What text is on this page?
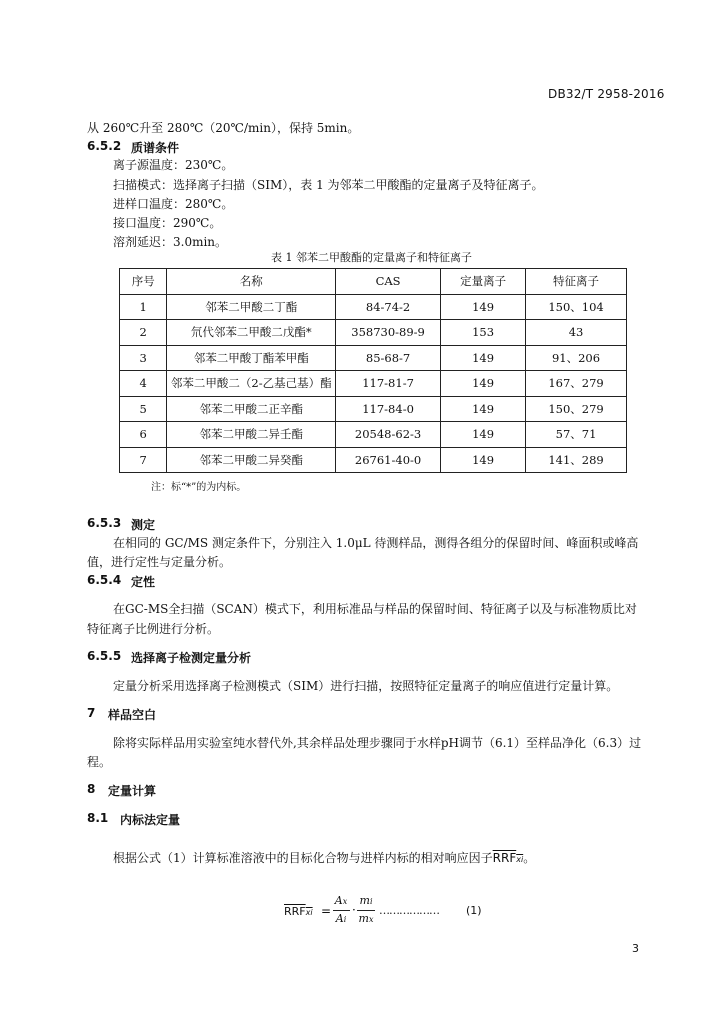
DB32/T 2958-2016
从 260℃升至 280℃（20℃/min），保持 5min。
6.5.2 质谱条件
离子源温度：230℃。
扫描模式：选择离子扫描（SIM），表 1 为邻苯二甲酸酯的定量离子及特征离子。
进样口温度：280℃。
接口温度：290℃。
溶剂延迟：3.0min。
表 1 邻苯二甲酸酯的定量离子和特征离子
序号	名称	CAS	定量离子	特征离子
1	邻苯二甲酸二丁酯	84-74-2	149	150、104
2	氘代邻苯二甲酸二戊酯*	358730-89-9	153	43
3	邻苯二甲酸丁酯苯甲酯	85-68-7	149	91、206
4	邻苯二甲酸二（2-乙基己基）酯	117-81-7	149	167、279
5	邻苯二甲酸二正辛酯	117-84-0	149	150、279
6	邻苯二甲酸二异壬酯	20548-62-3	149	57、71
7	邻苯二甲酸二异癸酯	26761-40-0	149	141、289
注：标“*”的为内标。
6.5.3 测定
在相同的 GC/MS 测定条件下，分别注入 1.0μL 待测样品，测得各组分的保留时间、峰面积或峰高
值，进行定性与定量分析。
6.5.4 定性
在GC-MS全扫描（SCAN）模式下，利用标准品与样品的保留时间、特征离子以及与标准物质比对
特征离子比例进行分析。
6.5.5 选择离子检测定量分析
定量分析采用选择离子检测模式（SIM）进行扫描，按照特征定量离子的响应值进行定量计算。
7 样品空白
除将实际样品用实验室纯水替代外,其余样品处理步骤同于水样pH调节（6.1）至样品净化（6.3）过
程。
8 定量计算
8.1 内标法定量
根据公式（1）计算标准溶液中的目标化合物与进样内标的相对响应因子RRFxi。
RRFxi =
Ax
Ai
·
mi
mx
……………… (1)
3
